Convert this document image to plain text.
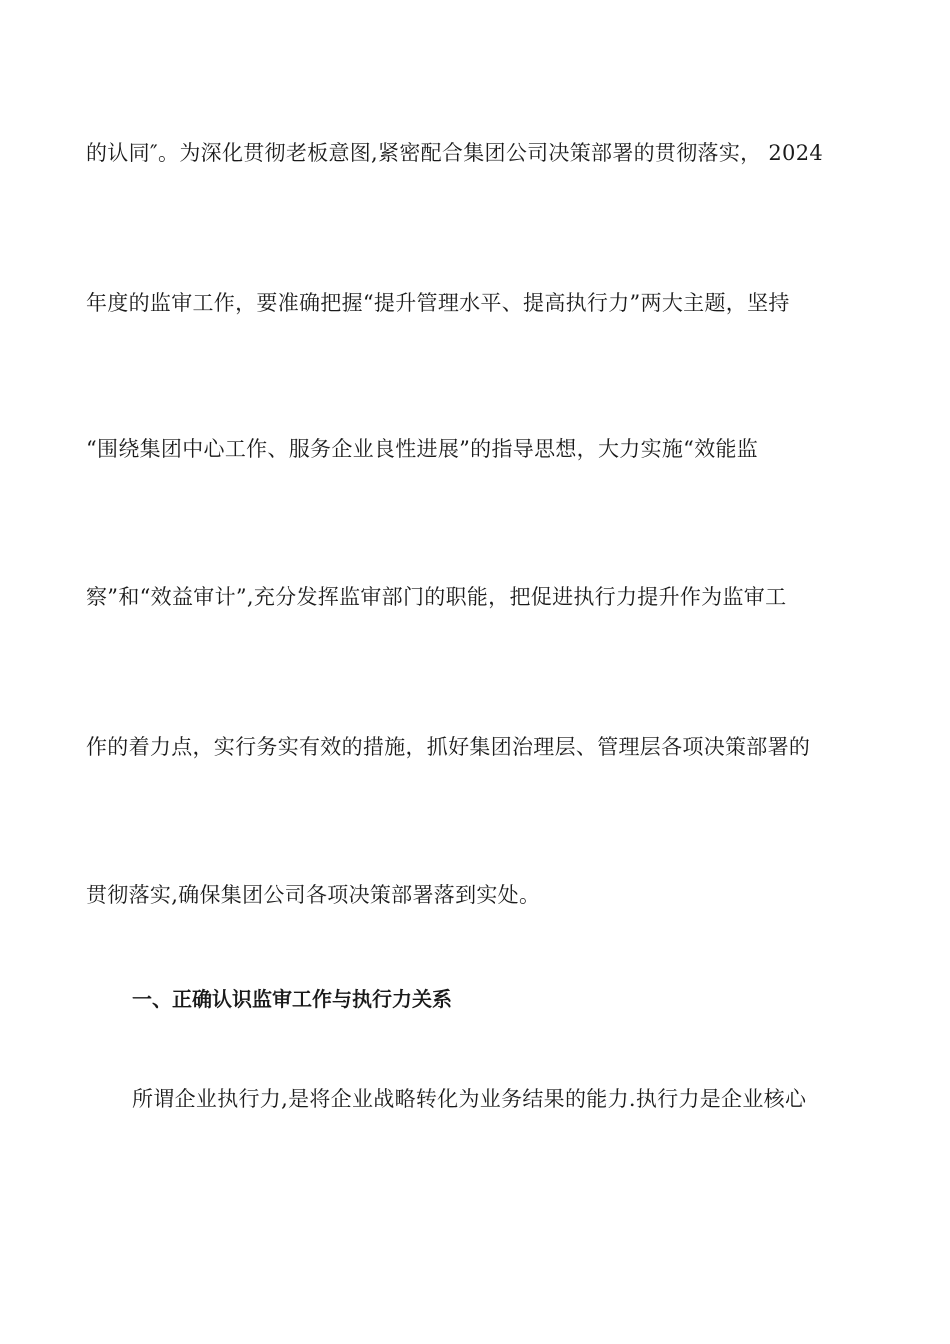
的认同″。为深化贯彻老板意图,紧密配合集团公司决策部署的贯彻落实， 2024
年度的监审工作，要准确把握“提升管理水平、提高执行力”两大主题，坚持
“围绕集团中心工作、服务企业良性进展”的指导思想，大力实施“效能监
察”和“效益审计”,充分发挥监审部门的职能，把促进执行力提升作为监审工
作的着力点，实行务实有效的措施，抓好集团治理层、管理层各项决策部署的
贯彻落实,确保集团公司各项决策部署落到实处。
一、正确认识监审工作与执行力关系
所谓企业执行力,是将企业战略转化为业务结果的能力.执行力是企业核心
